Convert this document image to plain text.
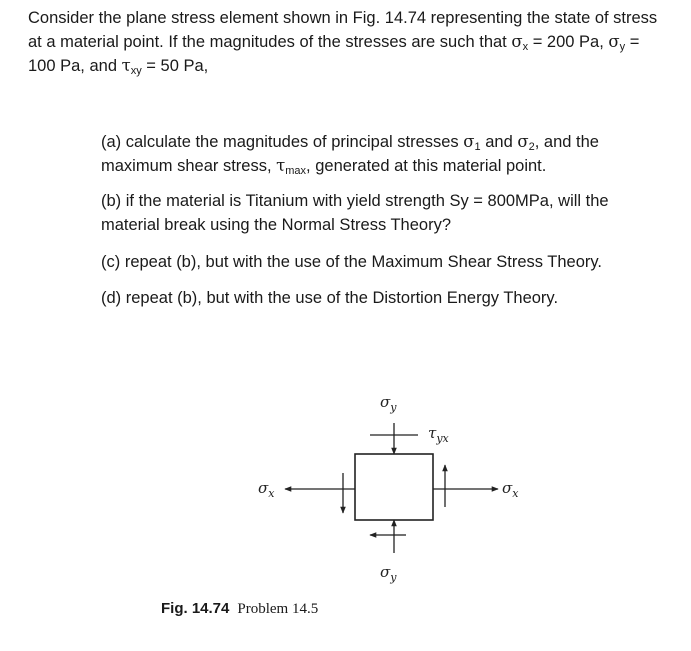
Consider the plane stress element shown in Fig. 14.74 representing the state of stress at a material point. If the magnitudes of the stresses are such that $\sigma_x = 200$ Pa, $\sigma_y = 100$ Pa, and $\tau_{xy} = 50$ Pa,

(a) calculate the magnitudes of principal stresses $\sigma_1$ and $\sigma_2$, and the maximum shear stress, $\tau_{max}$, generated at this material point.

(b) if the material is Titanium with yield strength Sy = 800MPa, will the material break using the Normal Stress Theory?

(c) repeat (b), but with the use of the Maximum Shear Stress Theory.

(d) repeat (b), but with the use of the Distortion Energy Theory.

$\sigma_y$
$\sigma_y$
$\sigma_x$	$\sigma_x$
$\tau_{yx}$
Fig. 14.74 Problem 14.5
